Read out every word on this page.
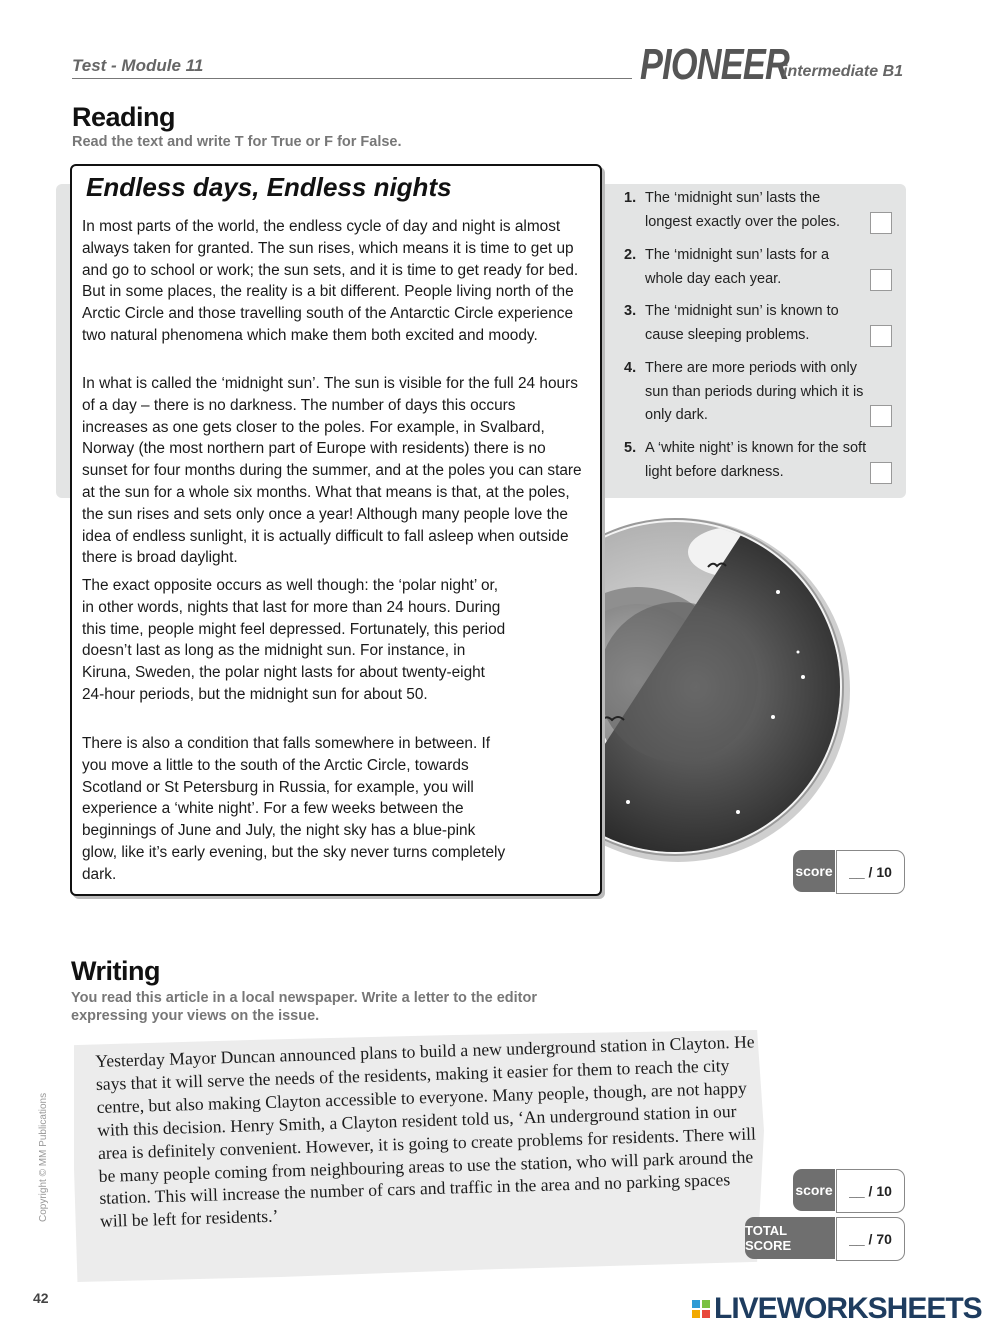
Test - Module 11	PIONEER
intermediate B1
Reading
Read the text and write T for True or F for False.
Endless days, Endless nights
In most parts of the world, the endless cycle of day and night is almost always taken for granted. The sun rises, which means it is time to get up and go to school or work; the sun sets, and it is time to get ready for bed. But in some places, the reality is a bit different. People living north of the Arctic Circle and those travelling south of the Antarctic Circle experience two natural phenomena which make them both excited and moody.
In what is called the ‘midnight sun’. The sun is visible for the full 24 hours of a day – there is no darkness. The number of days this occurs increases as one gets closer to the poles. For example, in Svalbard, Norway (the most northern part of Europe with residents) there is no sunset for four months during the summer, and at the poles you can stare at the sun for a whole six months. What that means is that, at the poles, the sun rises and sets only once a year! Although many people love the idea of endless sunlight, it is actually difficult to fall asleep when outside there is broad daylight.
The exact opposite occurs as well though: the ‘polar night’ or, in other words, nights that last for more than 24 hours. During this time, people might feel depressed. Fortunately, this period doesn’t last as long as the midnight sun. For instance, in Kiruna, Sweden, the polar night lasts for about twenty-eight 24-hour periods, but the midnight sun for about 50.
There is also a condition that falls somewhere in between. If you move a little to the south of the Arctic Circle, towards Scotland or St Petersburg in Russia, for example, you will experience a ‘white night’. For a few weeks between the beginnings of June and July, the night sky has a blue-pink glow, like it’s early evening, but the sky never turns completely dark.
1. The ‘midnight sun’ lasts the longest exactly over the poles.
2. The ‘midnight sun’ lasts for a whole day each year.
3. The ‘midnight sun’ is known to cause sleeping problems.
4. There are more periods with only sun than periods during which it is only dark.
5. A ‘white night’ is known for the soft light before darkness.
score	__ / 10
Writing
You read this article in a local newspaper. Write a letter to the editor expressing your views on the issue.
Yesterday Mayor Duncan announced plans to build a new underground station in Clayton. He says that it will serve the needs of the residents, making it easier for them to reach the city centre, but also making Clayton accessible to everyone. Many people, though, are not happy with this decision. Henry Smith, a Clayton resident told us, ‘An underground station in our area is definitely convenient. However, it is going to create problems for residents. There will be many people coming from neighbouring areas to use the station, who will park around the station. This will increase the number of cars and traffic in the area and no parking spaces will be left for residents.’
score	__ / 10
TOTAL SCORE	__ / 70
Copyright © MM Publications
42	LIVEWORKSHEETS
